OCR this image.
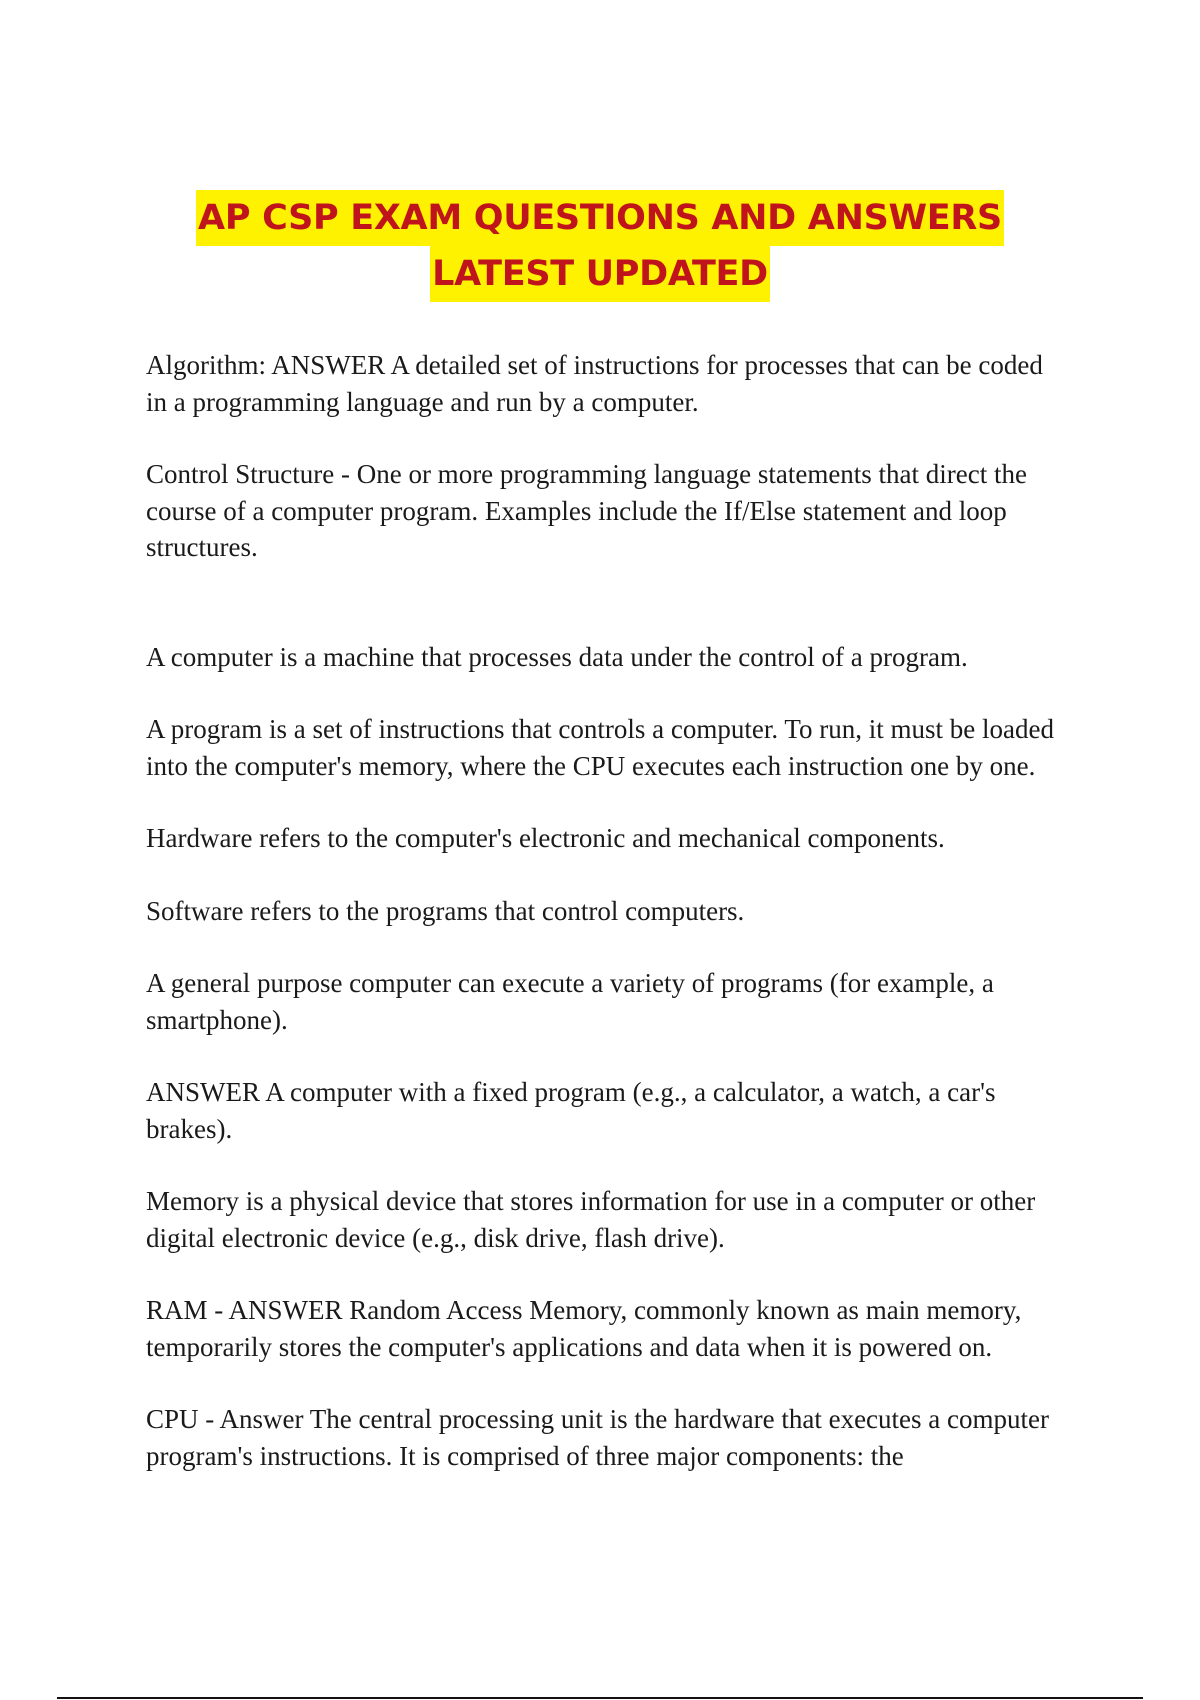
AP CSP EXAM QUESTIONS AND ANSWERS
LATEST UPDATED

Algorithm: ANSWER A detailed set of instructions for processes that can be coded in a programming language and run by a computer.

Control Structure - One or more programming language statements that direct the course of a computer program. Examples include the If/Else statement and loop structures.

A computer is a machine that processes data under the control of a program.

A program is a set of instructions that controls a computer. To run, it must be loaded into the computer's memory, where the CPU executes each instruction one by one.

Hardware refers to the computer's electronic and mechanical components.

Software refers to the programs that control computers.

A general purpose computer can execute a variety of programs (for example, a smartphone).

ANSWER A computer with a fixed program (e.g., a calculator, a watch, a car's brakes).

Memory is a physical device that stores information for use in a computer or other digital electronic device (e.g., disk drive, flash drive).

RAM - ANSWER Random Access Memory, commonly known as main memory, temporarily stores the computer's applications and data when it is powered on.

CPU - Answer The central processing unit is the hardware that executes a computer program's instructions. It is comprised of three major components: the
